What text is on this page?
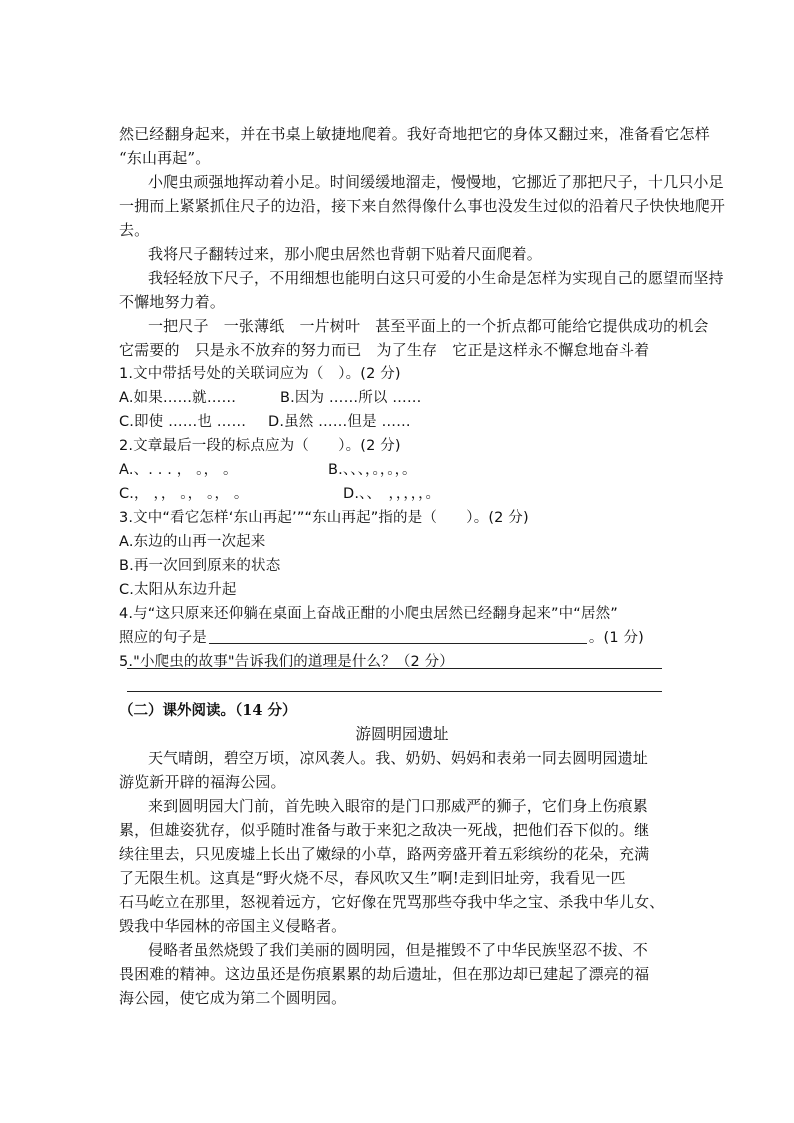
然已经翻身起来，并在书桌上敏捷地爬着。我好奇地把它的身体又翻过来，准备看它怎样
“东山再起”。
小爬虫顽强地挥动着小足。时间缓缓地溜走，慢慢地，它挪近了那把尺子，十几只小足
一拥而上紧紧抓住尺子的边沿，接下来自然得像什么事也没发生过似的沿着尺子快快地爬开
去。
我将尺子翻转过来，那小爬虫居然也背朝下贴着尺面爬着。
我轻轻放下尺子，不用细想也能明白这只可爱的小生命是怎样为实现自己的愿望而坚持
不懈地努力着。
一把尺子　一张薄纸　一片树叶　甚至平面上的一个折点都可能给它提供成功的机会
它需要的　只是永不放弃的努力而已　为了生存　它正是这样永不懈怠地奋斗着
1.文中带括号处的关联词应为（　）。(2 分)
A.如果……就……	B.因为 ……所以 ……
C.即使 ……也 …… D.虽然 ……但是 ……
2.文章最后一段的标点应为（　　）。(2 分)
A.、. . . ， 。， 。	B.、、、，。，。，。
C.， ，， 。， 。， 。	D.、、　，，，，，。
3.文中“看它怎样‘东山再起’”“东山再起”指的是（　　）。(2 分)
A.东边的山再一次起来
B.再一次回到原来的状态
C.太阳从东边升起
4.与“这只原来还仰躺在桌面上奋战正酣的小爬虫居然已经翻身起来”中“居然”
照应的句子是	。(1 分)
5."小爬虫的故事"告诉我们的道理是什么？（2 分）
（二）课外阅读。（14 分）
游圆明园遗址
天气晴朗，碧空万顷，凉风袭人。我、奶奶、妈妈和表弟一同去圆明园遗址
游览新开辟的福海公园。
来到圆明园大门前，首先映入眼帘的是门口那威严的狮子，它们身上伤痕累
累，但雄姿犹存，似乎随时准备与敢于来犯之敌决一死战，把他们吞下似的。继
续往里去，只见废墟上长出了嫩绿的小草，路两旁盛开着五彩缤纷的花朵，充满
了无限生机。这真是“野火烧不尽，春风吹又生”啊!走到旧址旁，我看见一匹
石马屹立在那里，怒视着远方，它好像在咒骂那些夺我中华之宝、杀我中华儿女、
毁我中华园林的帝国主义侵略者。
侵略者虽然烧毁了我们美丽的圆明园，但是摧毁不了中华民族坚忍不拔、不
畏困难的精神。这边虽还是伤痕累累的劫后遗址，但在那边却已建起了漂亮的福
海公园，使它成为第二个圆明园。
